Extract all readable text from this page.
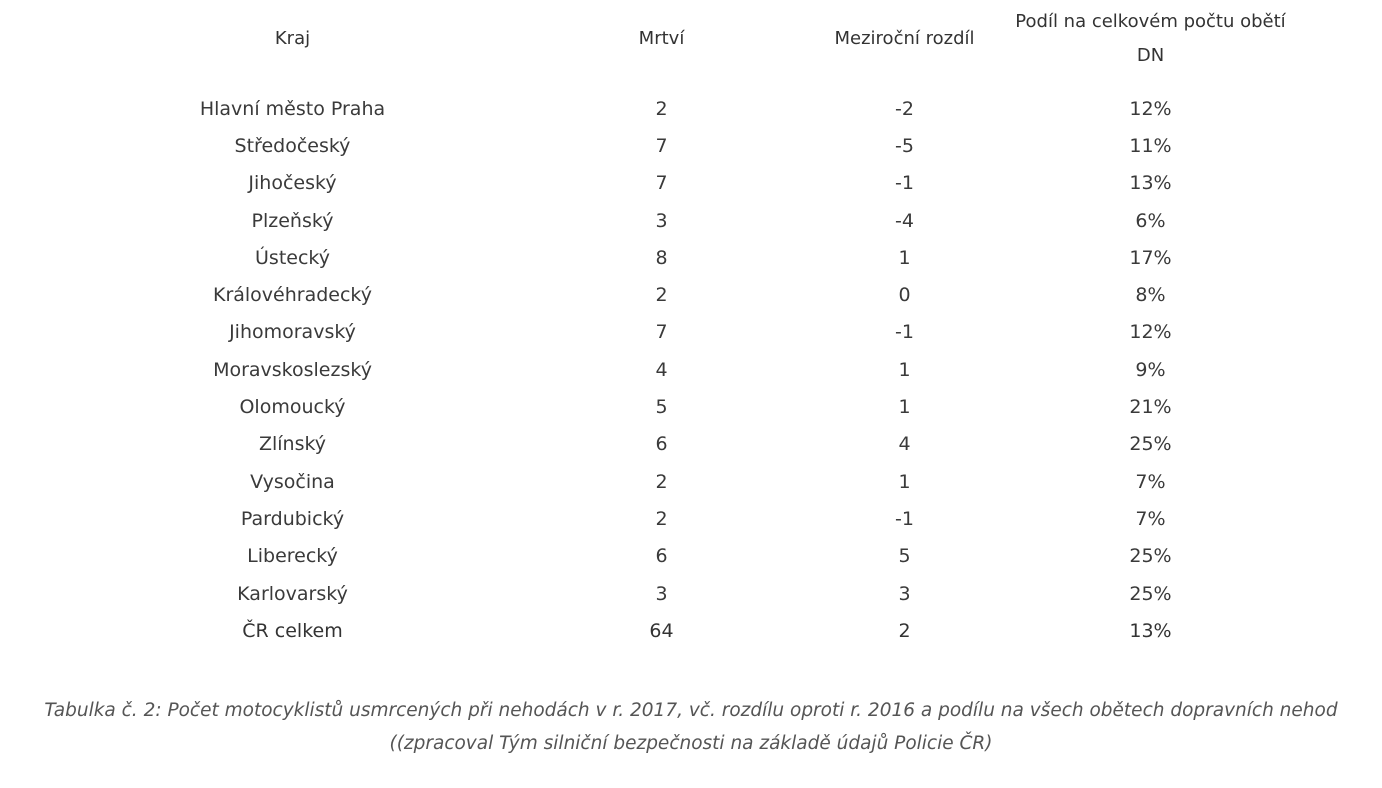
Kraj	Mrtví	Meziroční rozdíl	Podíl na celkovém počtu obětí
DN

Hlavní město Praha	2	-2	12%
Středočeský	7	-5	11%
Jihočeský	7	-1	13%
Plzeňský	3	-4	6%
Ústecký	8	1	17%
Královéhradecký	2	0	8%
Jihomoravský	7	-1	12%
Moravskoslezský	4	1	9%
Olomoucký	5	1	21%
Zlínský	6	4	25%
Vysočina	2	1	7%
Pardubický	2	-1	7%
Liberecký	6	5	25%
Karlovarský	3	3	25%
ČR celkem	64	2	13%
Tabulka č. 2: Počet motocyklistů usmrcených při nehodách v r. 2017, vč. rozdílu oproti r. 2016 a podílu na všech obětech dopravních nehod
((zpracoval Tým silniční bezpečnosti na základě údajů Policie ČR)
